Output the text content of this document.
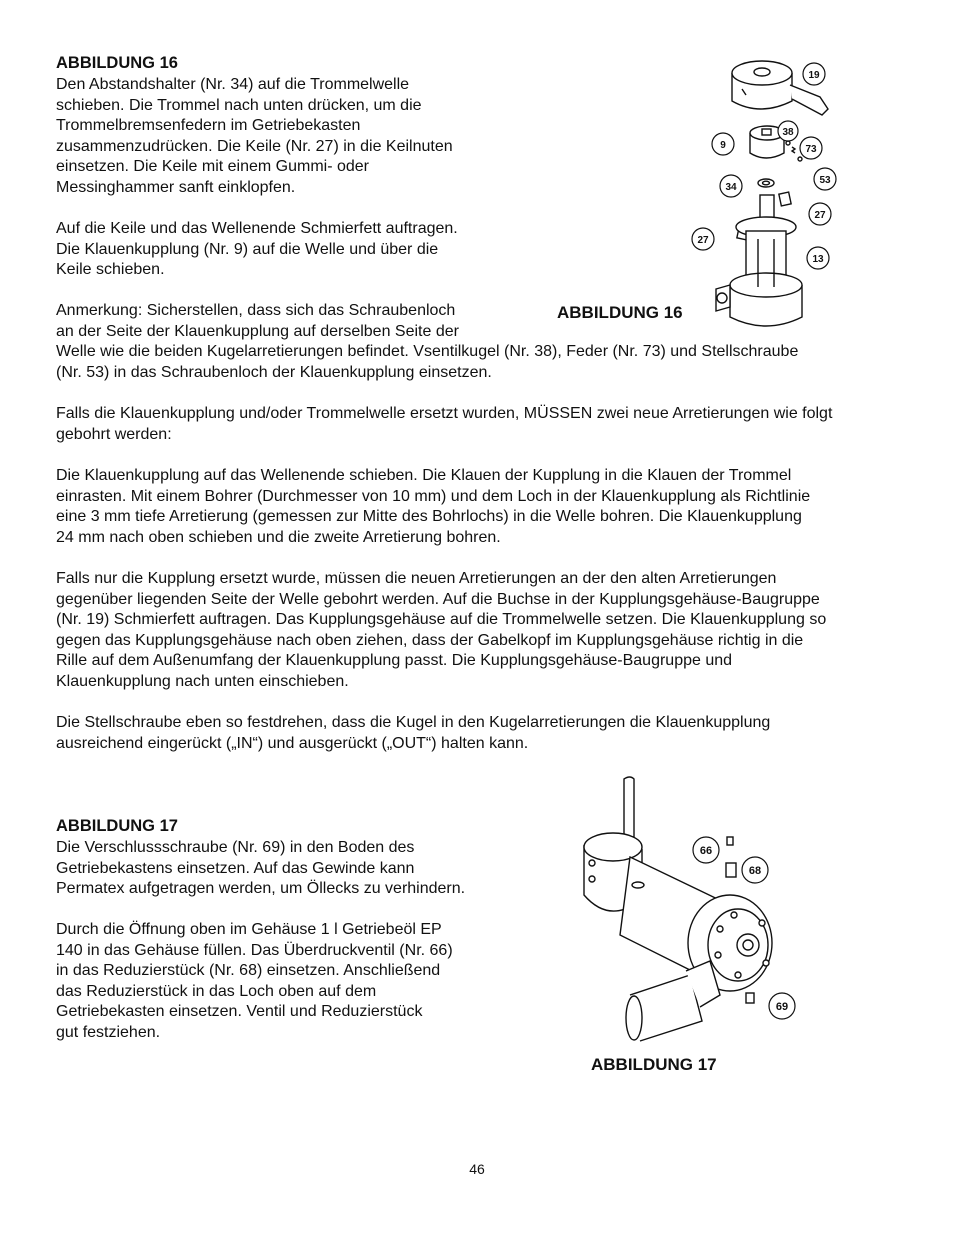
ABBILDUNG 16
Den Abstandshalter (Nr. 34) auf die Trommelwelle
schieben. Die Trommel nach unten drücken, um die
Trommelbremsenfedern im Getriebekasten
zusammenzudrücken. Die Keile (Nr. 27) in die Keilnuten
einsetzen. Die Keile mit einem Gummi- oder
Messinghammer sanft einklopfen.
Auf die Keile und das Wellenende Schmierfett auftragen.
Die Klauenkupplung (Nr. 9) auf die Welle und über die
Keile schieben.
Anmerkung: Sicherstellen, dass sich das Schraubenloch
an der Seite der Klauenkupplung auf derselben Seite der
Welle wie die beiden Kugelarretierungen befindet. Vsentilkugel (Nr. 38), Feder (Nr. 73) und Stellschraube
(Nr. 53) in das Schraubenloch der Klauenkupplung einsetzen.
Falls die Klauenkupplung und/oder Trommelwelle ersetzt wurden, MÜSSEN zwei neue Arretierungen wie folgt
gebohrt werden:
Die Klauenkupplung auf das Wellenende schieben. Die Klauen der Kupplung in die Klauen der Trommel
einrasten. Mit einem Bohrer (Durchmesser von 10 mm) und dem Loch in der Klauenkupplung als Richtlinie
eine 3 mm tiefe Arretierung (gemessen zur Mitte des Bohrlochs) in die Welle bohren. Die Klauenkupplung
24 mm nach oben schieben und die zweite Arretierung bohren.
Falls nur die Kupplung ersetzt wurde, müssen die neuen Arretierungen an der den alten Arretierungen
gegenüber liegenden Seite der Welle gebohrt werden. Auf die Buchse in der Kupplungsgehäuse-Baugruppe
(Nr. 19) Schmierfett auftragen. Das Kupplungsgehäuse auf die Trommelwelle setzen. Die Klauenkupplung so
gegen das Kupplungsgehäuse nach oben ziehen, dass der Gabelkopf im Kupplungsgehäuse richtig in die
Rille auf dem Außenumfang der Klauenkupplung passt. Die Kupplungsgehäuse-Baugruppe und
Klauenkupplung nach unten einschieben.
Die Stellschraube eben so festdrehen, dass die Kugel in den Kugelarretierungen die Klauenkupplung
ausreichend eingerückt („IN“) und ausgerückt („OUT“) halten kann.
19
38
9	73
34
53
27
27
13
ABBILDUNG 16
ABBILDUNG 17
Die Verschlussschraube (Nr. 69) in den Boden des
Getriebekastens einsetzen. Auf das Gewinde kann
Permatex aufgetragen werden, um Öllecks zu verhindern.
Durch die Öffnung oben im Gehäuse 1 l Getriebeöl EP
140 in das Gehäuse füllen. Das Überdruckventil (Nr. 66)
in das Reduzierstück (Nr. 68) einsetzen. Anschließend
das Reduzierstück in das Loch oben auf dem
Getriebekasten einsetzen. Ventil und Reduzierstück
gut festziehen.
66
68
69
ABBILDUNG 17
46
